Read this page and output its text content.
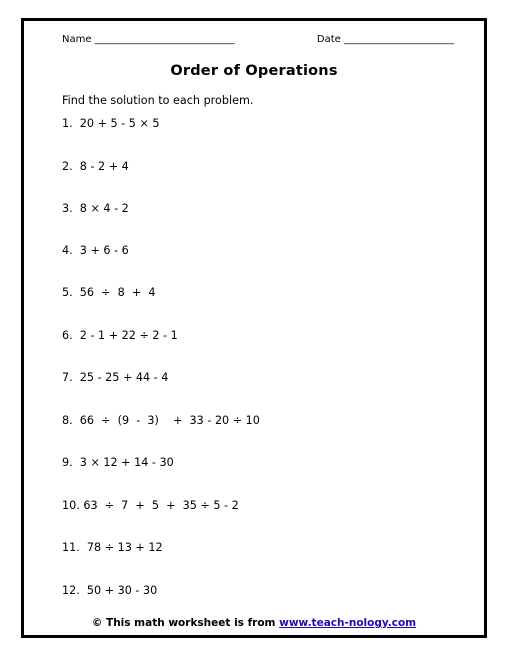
Name ____________________________	Date ______________________
Order of Operations
Find the solution to each problem.
1.  20 + 5 - 5 × 5
2.  8 - 2 + 4
3.  8 × 4 - 2
4.  3 + 6 - 6
5.  56  ÷  8  +  4
6.  2 - 1 + 22 ÷ 2 - 1
7.  25 - 25 + 44 - 4
8.  66  ÷  (9  -  3)    +  33 - 20 ÷ 10
9.  3 × 12 + 14 - 30
10. 63  ÷  7  +  5  +  35 ÷ 5 - 2
11.  78 ÷ 13 + 12
12.  50 + 30 - 30
© This math worksheet is from www.teach-nology.com
